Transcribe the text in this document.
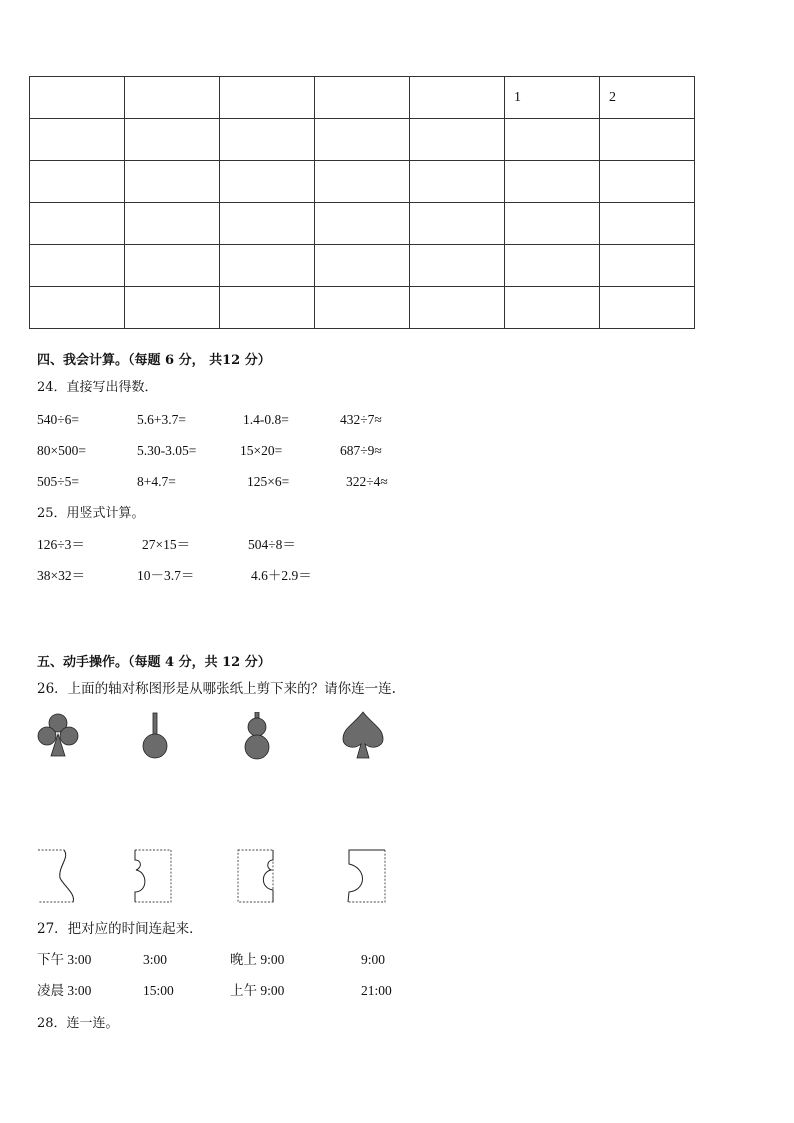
					1	2

四、我会计算。（每题 6 分， 共12 分）
24．直接写出得数．
540÷6=	5.6+3.7=	1.4-0.8=	432÷7≈
80×500=	5.30-3.05=	15×20=	687÷9≈
505÷5=	8+4.7=	125×6=	322÷4≈
25．用竖式计算。
126÷3＝	27×15＝	504÷8＝
38×32＝	10－3.7＝	4.6＋2.9＝
五、动手操作。（每题 4 分，共 12 分）
26．上面的轴对称图形是从哪张纸上剪下来的？请你连一连.
27．把对应的时间连起来．
下午 3:00	3:00	晚上 9:00	9:00
凌晨 3:00	15:00	上午 9:00	21:00
28．连一连。
